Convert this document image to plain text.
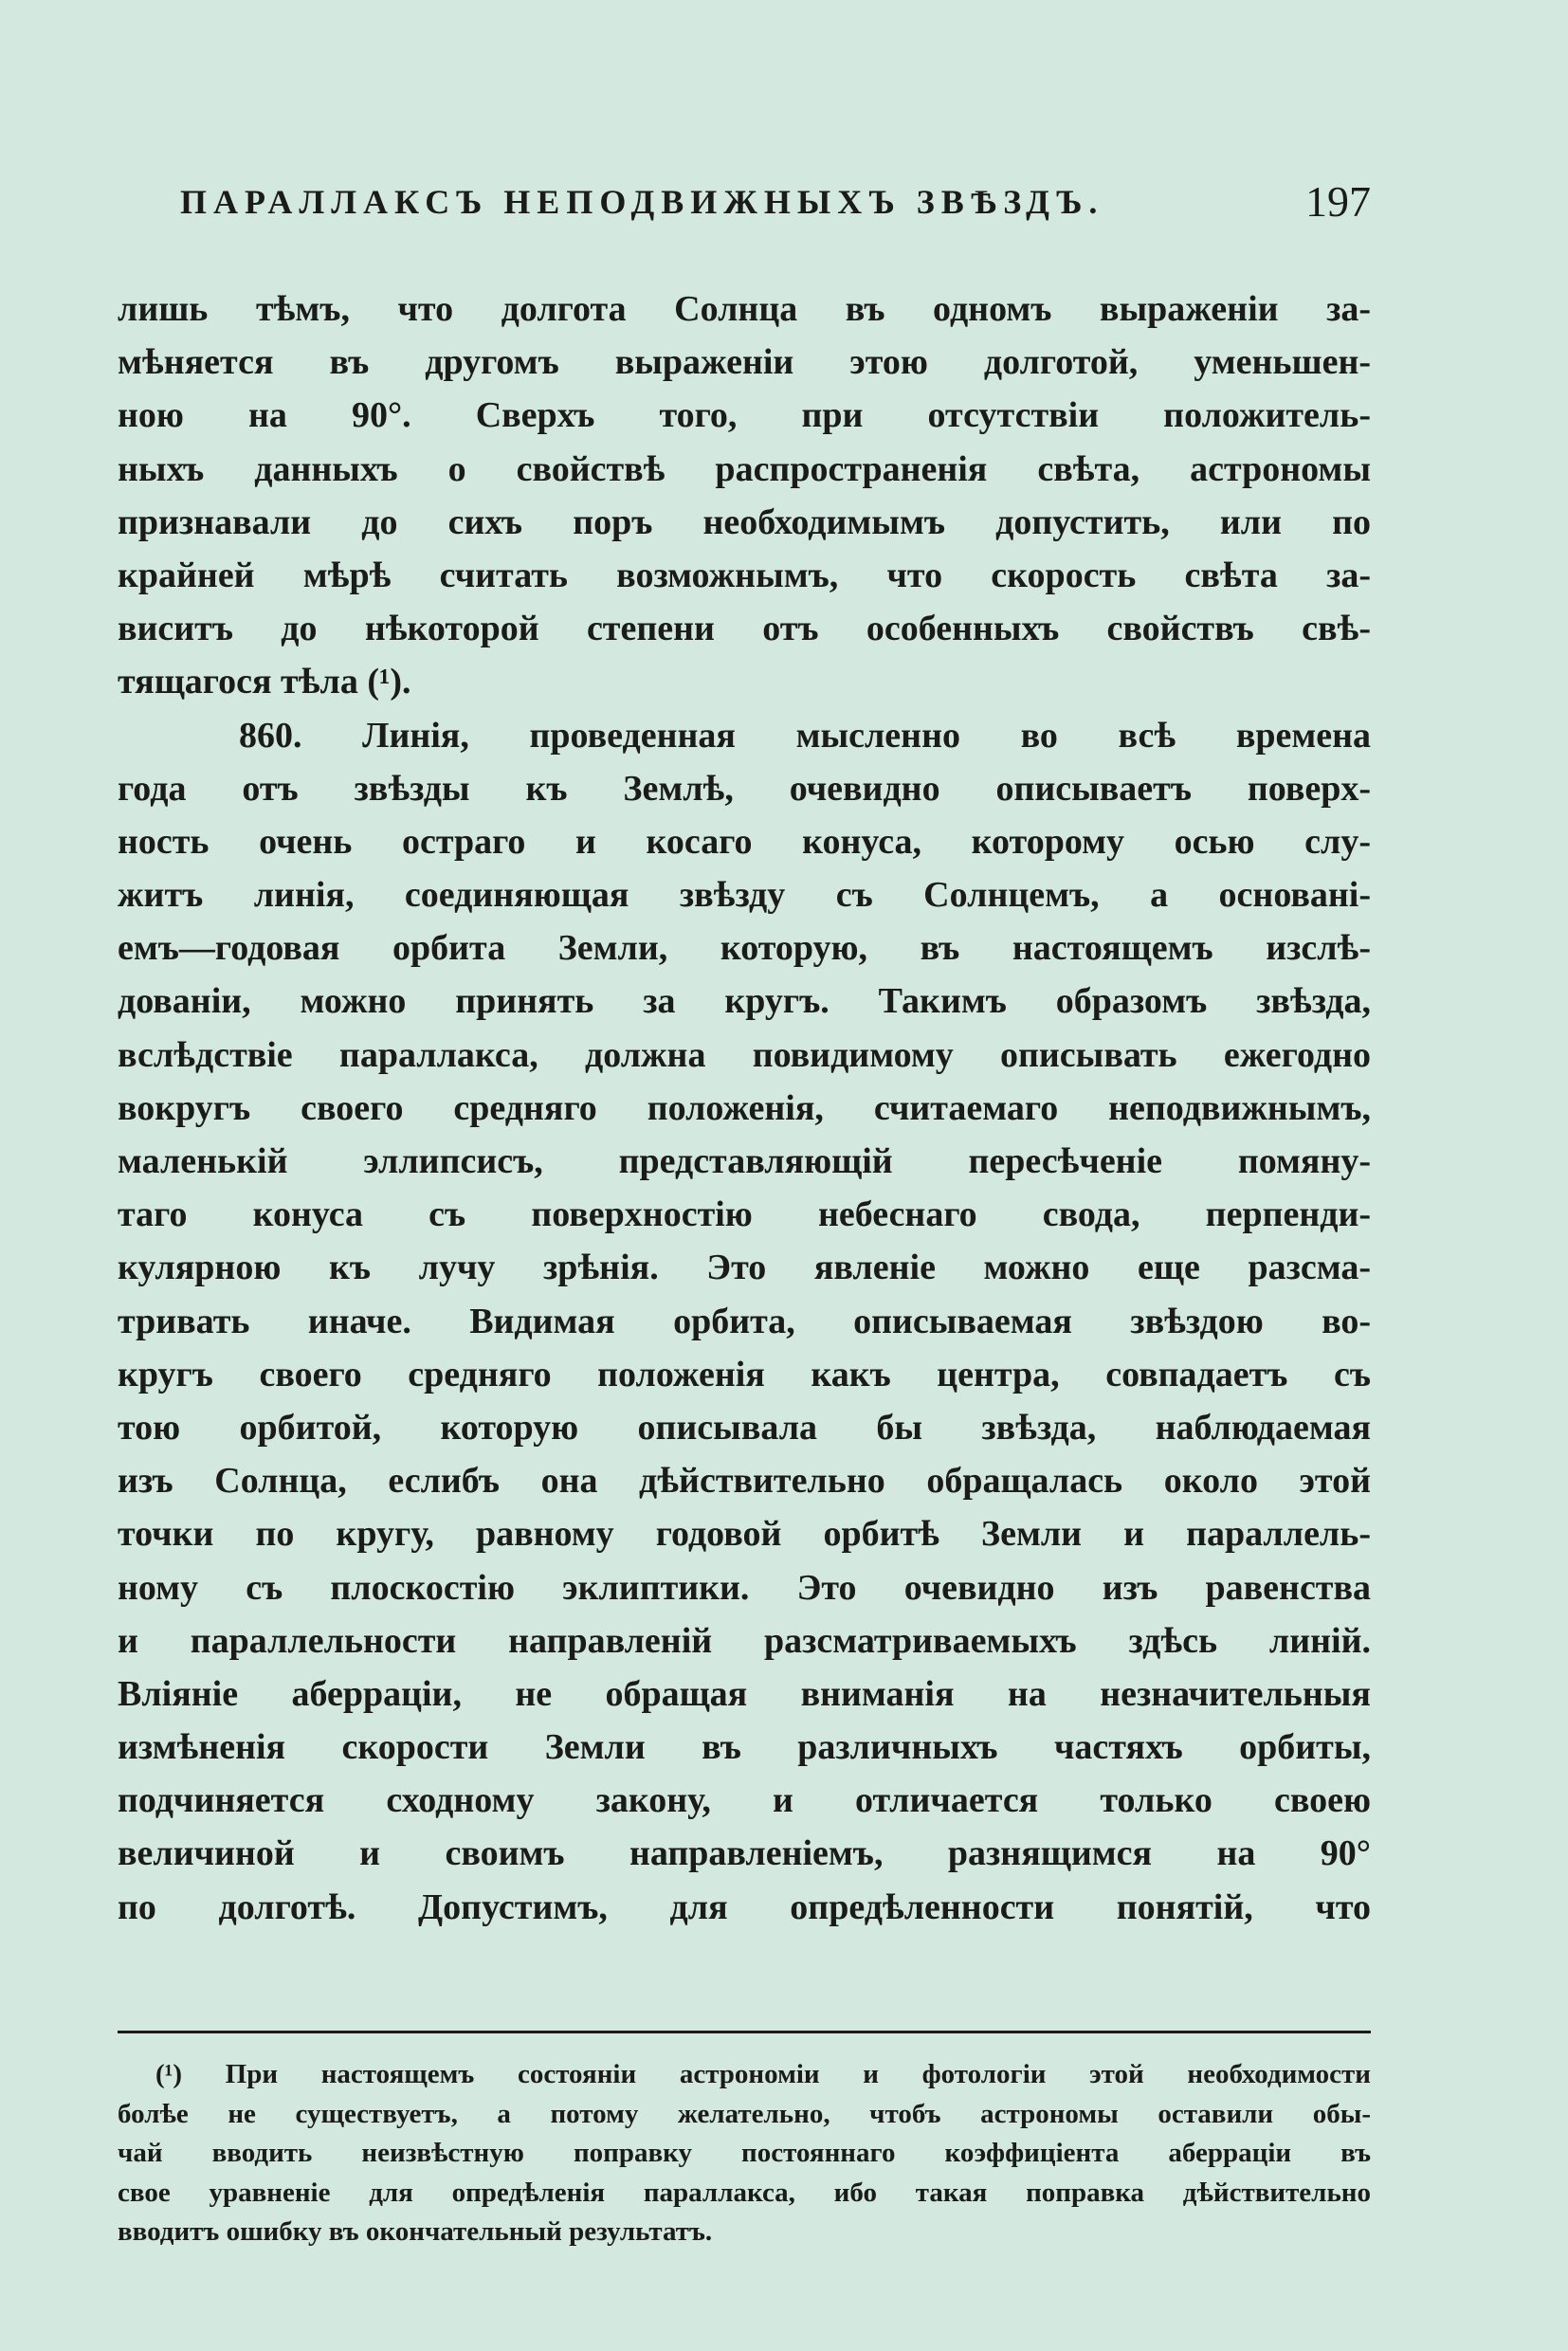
ПАРАЛЛАКСЪ НЕПОДВИЖНЫХЪ ЗВѢЗДЪ.	197
лишь тѣмъ, что долгота Солнца въ одномъ выраженіи за-
мѣняется въ другомъ выраженіи этою долготой, уменьшен-
ною на 90°. Сверхъ того, при отсутствіи положитель-
ныхъ данныхъ о свойствѣ распространенія свѣта, астрономы
признавали до сихъ поръ необходимымъ допустить, или по
крайней мѣрѣ считать возможнымъ, что скорость свѣта за-
виситъ до нѣкоторой степени отъ особенныхъ свойствъ свѣ-
тящагося тѣла (¹).
860. Линія, проведенная мысленно во всѣ времена
года отъ звѣзды къ Землѣ, очевидно описываетъ поверх-
ность очень остраго и косаго конуса, которому осью слу-
житъ линія, соединяющая звѣзду съ Солнцемъ, а основані-
емъ—годовая орбита Земли, которую, въ настоящемъ изслѣ-
дованіи, можно принять за кругъ. Такимъ образомъ звѣзда,
вслѣдствіе параллакса, должна повидимому описывать ежегодно
вокругъ своего средняго положенія, считаемаго неподвижнымъ,
маленькій эллипсисъ, представляющій пересѣченіе помяну-
таго конуса съ поверхностію небеснаго свода, перпенди-
кулярною къ лучу зрѣнія. Это явленіе можно еще разсма-
тривать иначе. Видимая орбита, описываемая звѣздою во-
кругъ своего средняго положенія какъ центра, совпадаетъ съ
тою орбитой, которую описывала бы звѣзда, наблюдаемая
изъ Солнца, еслибъ она дѣйствительно обращалась около этой
точки по кругу, равному годовой орбитѣ Земли и параллель-
ному съ плоскостію эклиптики. Это очевидно изъ равенства
и параллельности направленій разсматриваемыхъ здѣсь линій.
Вліяніе аберраціи, не обращая вниманія на незначительныя
измѣненія скорости Земли въ различныхъ частяхъ орбиты,
подчиняется сходному закону, и отличается только своею
величиной и своимъ направленіемъ, разнящимся на 90°
по долготѣ. Допустимъ, для опредѣленности понятій, что
(¹) При настоящемъ состояніи астрономіи и фотологіи этой необходимости
болѣе не существуетъ, а потому желательно, чтобъ астрономы оставили обы-
чай вводить неизвѣстную поправку постояннаго коэффиціента аберраціи въ
свое уравненіе для опредѣленія параллакса, ибо такая поправка дѣйствительно
вводитъ ошибку въ окончательный результатъ.
